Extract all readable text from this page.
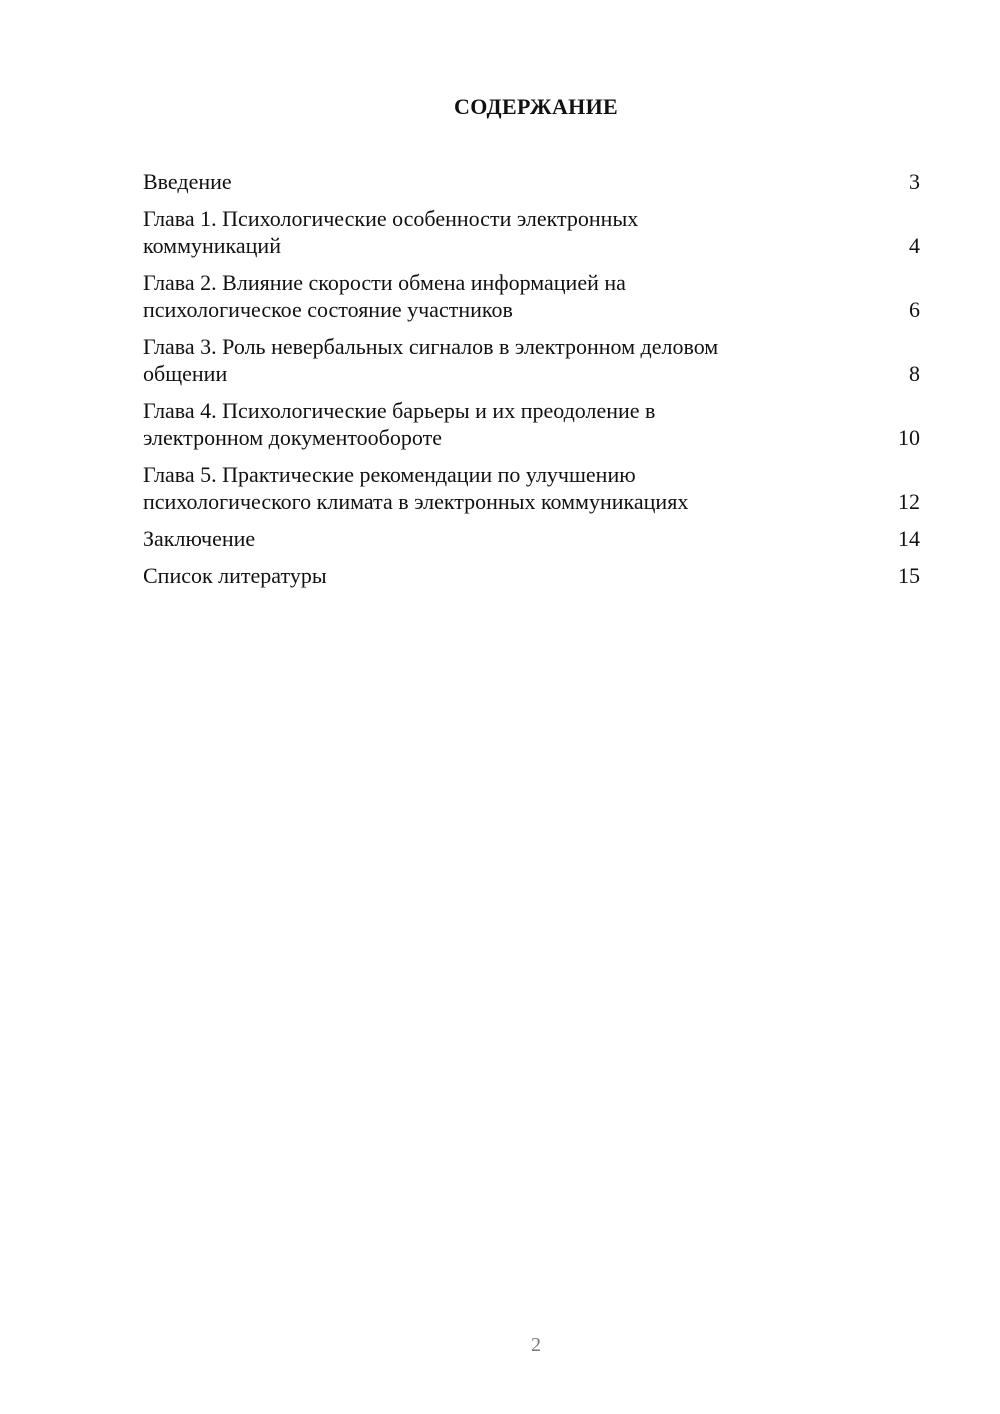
СОДЕРЖАНИЕ
Введение	3
Глава 1. Психологические особенности электронных
коммуникаций	4
Глава 2. Влияние скорости обмена информацией на
психологическое состояние участников	6
Глава 3. Роль невербальных сигналов в электронном деловом
общении	8
Глава 4. Психологические барьеры и их преодоление в
электронном документообороте	10
Глава 5. Практические рекомендации по улучшению
психологического климата в электронных коммуникациях	12
Заключение	14
Список литературы	15
2
